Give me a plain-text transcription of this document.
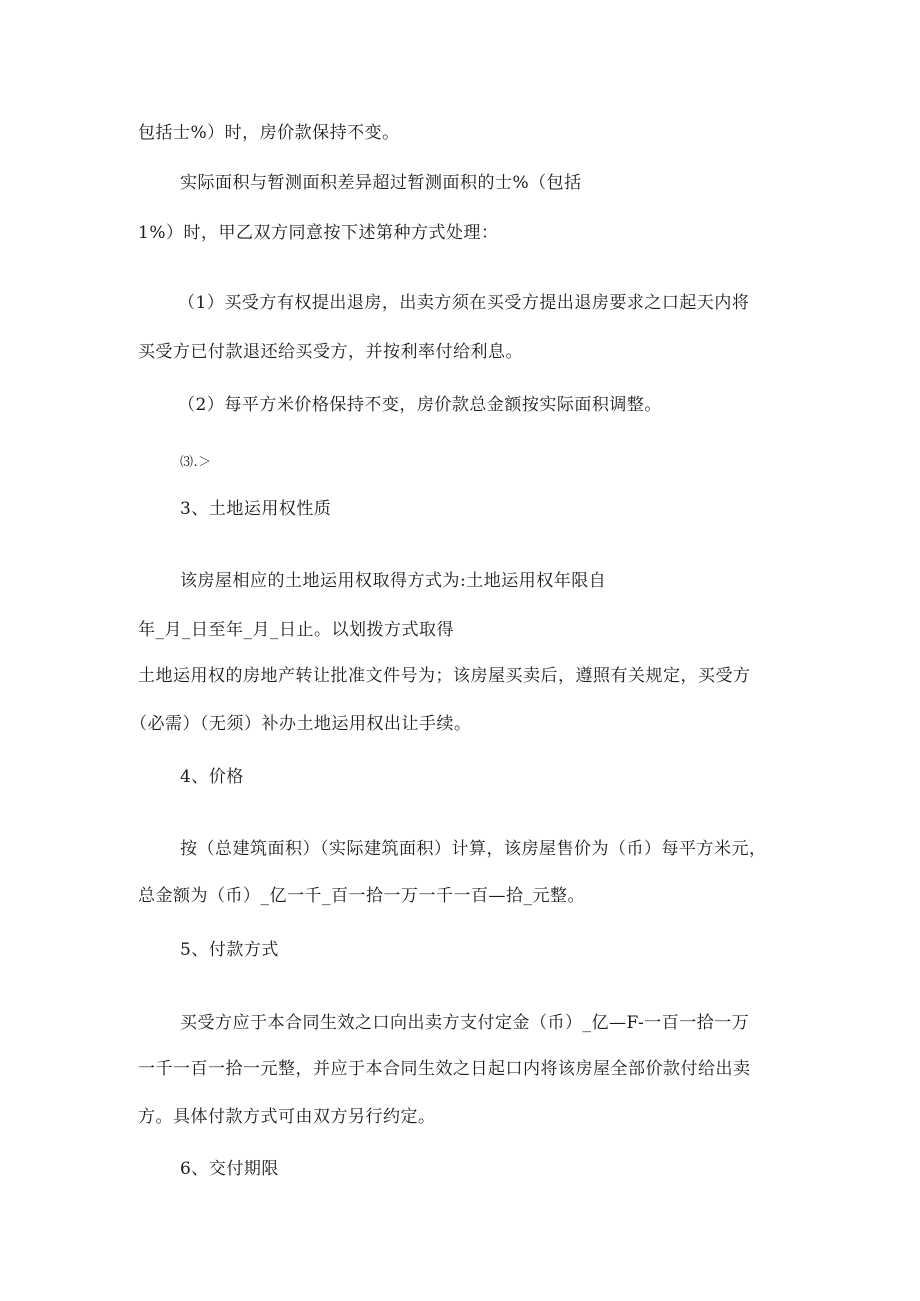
包括士%）时，房价款保持不变。
实际面积与暂测面积差异超过暂测面积的士%（包括
1%）时，甲乙双方同意按下述第种方式处理：
（1）买受方有权提出退房，出卖方须在买受方提出退房要求之口起天内将
买受方已付款退还给买受方，并按利率付给利息。
（2）每平方米价格保持不变，房价款总金额按实际面积调整。
⑶.＞
3、土地运用权性质
该房屋相应的土地运用权取得方式为:土地运用权年限自
年_月_日至年_月_日止。以划拨方式取得
土地运用权的房地产转让批准文件号为；该房屋买卖后，遵照有关规定，买受方
（必需）（无须）补办土地运用权出让手续。
4、价格
按（总建筑面积）（实际建筑面积）计算，该房屋售价为（币）每平方米元，
总金额为（币）_亿一千_百一拾一万一千一百—拾_元整。
5、付款方式
买受方应于本合同生效之口向出卖方支付定金（币）_亿—F-一百一拾一万
一千一百一拾一元整，并应于本合同生效之日起口内将该房屋全部价款付给出卖
方。具体付款方式可由双方另行约定。
6、交付期限
